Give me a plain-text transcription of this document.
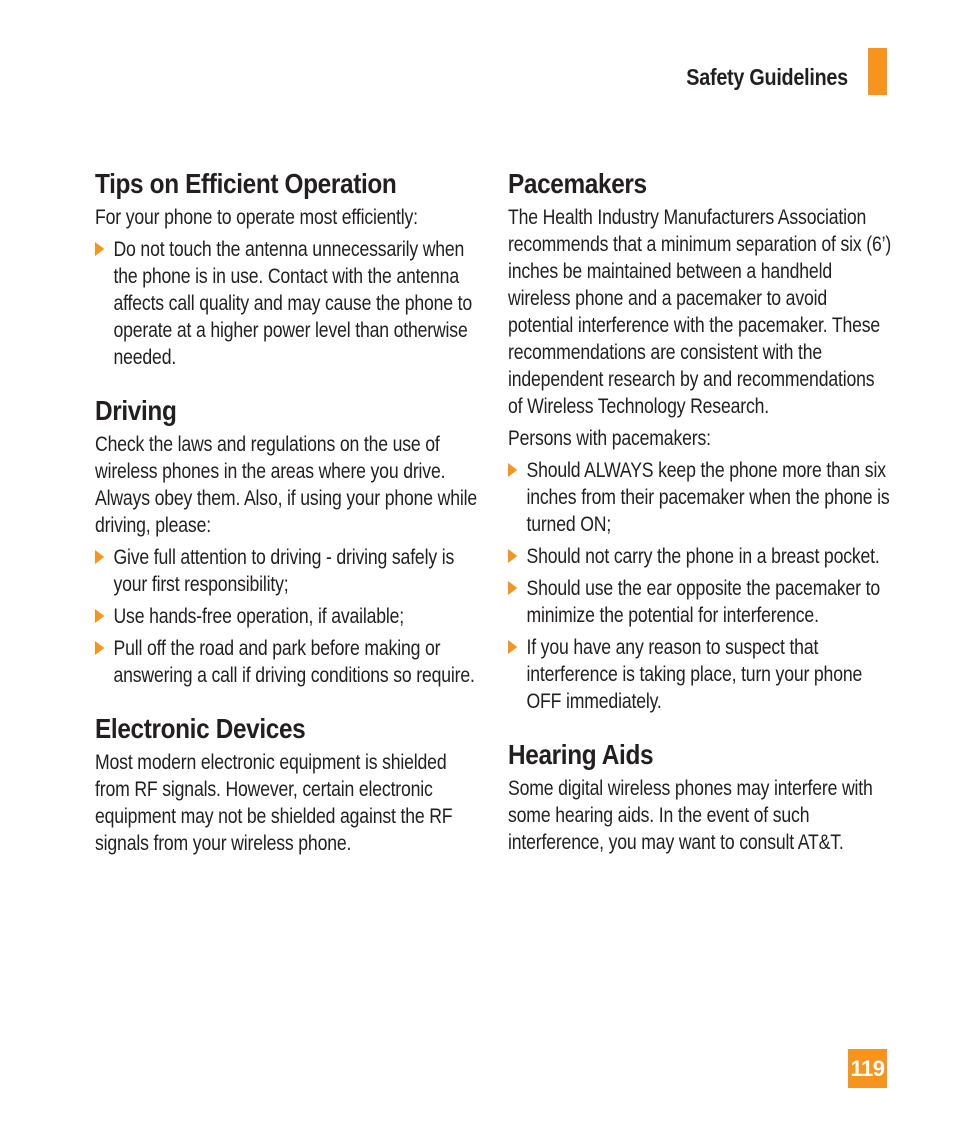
Safety Guidelines
Tips on Efficient Operation

For your phone to operate most efficiently:

Do not touch the antenna unnecessarily when the phone is in use. Contact with the antenna affects call quality and may cause the phone to operate at a higher power level than otherwise needed.
Driving

Check the laws and regulations on the use of wireless phones in the areas where you drive. Always obey them. Also, if using your phone while driving, please:

Give full attention to driving - driving safely is your first responsibility;
Use hands-free operation, if available;
Pull off the road and park before making or answering a call if driving conditions so require.
Electronic Devices

Most modern electronic equipment is shielded from RF signals. However, certain electronic equipment may not be shielded against the RF signals from your wireless phone.

Pacemakers

The Health Industry Manufacturers Association recommends that a minimum separation of six (6’) inches be maintained between a handheld wireless phone and a pacemaker to avoid potential interference with the pacemaker. These recommendations are consistent with the independent research by and recommendations of Wireless Technology Research.

Persons with pacemakers:

Should ALWAYS keep the phone more than six inches from their pacemaker when the phone is turned ON;
Should not carry the phone in a breast pocket.
Should use the ear opposite the pacemaker to minimize the potential for interference.
If you have any reason to suspect that interference is taking place, turn your phone OFF immediately.
Hearing Aids

Some digital wireless phones may interfere with some hearing aids. In the event of such interference, you may want to consult AT&T.

119
